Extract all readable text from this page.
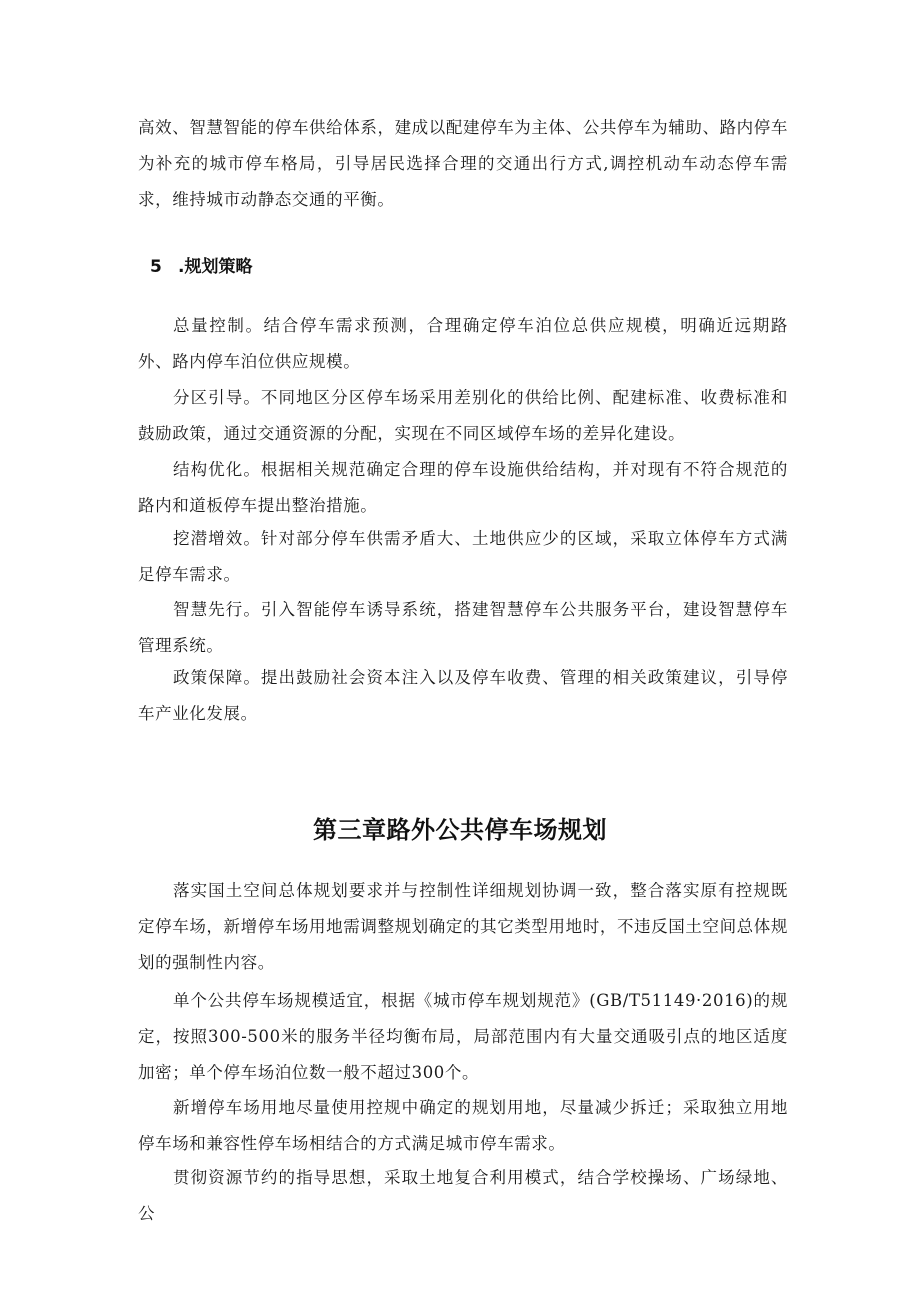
高效、智慧智能的停车供给体系，建成以配建停车为主体、公共停车为辅助、路内停车为补充的城市停车格局，引导居民选择合理的交通出行方式,调控机动车动态停车需求，维持城市动静态交通的平衡。

5 .规划策略

总量控制。结合停车需求预测，合理确定停车泊位总供应规模，明确近远期路外、路内停车泊位供应规模。

分区引导。不同地区分区停车场采用差别化的供给比例、配建标准、收费标准和鼓励政策，通过交通资源的分配，实现在不同区域停车场的差异化建设。

结构优化。根据相关规范确定合理的停车设施供给结构，并对现有不符合规范的路内和道板停车提出整治措施。

挖潜增效。针对部分停车供需矛盾大、土地供应少的区域，采取立体停车方式满足停车需求。

智慧先行。引入智能停车诱导系统，搭建智慧停车公共服务平台，建设智慧停车管理系统。

政策保障。提出鼓励社会资本注入以及停车收费、管理的相关政策建议，引导停车产业化发展。

第三章路外公共停车场规划

落实国土空间总体规划要求并与控制性详细规划协调一致，整合落实原有控规既定停车场，新增停车场用地需调整规划确定的其它类型用地时，不违反国土空间总体规划的强制性内容。

单个公共停车场规模适宜，根据《城市停车规划规范》(GB/T51149·2016)的规定，按照300-500米的服务半径均衡布局，局部范围内有大量交通吸引点的地区适度加密；单个停车场泊位数一般不超过300个。

新增停车场用地尽量使用控规中确定的规划用地，尽量减少拆迁；采取独立用地停车场和兼容性停车场相结合的方式满足城市停车需求。

贯彻资源节约的指导思想，采取土地复合利用模式，结合学校操场、广场绿地、公
